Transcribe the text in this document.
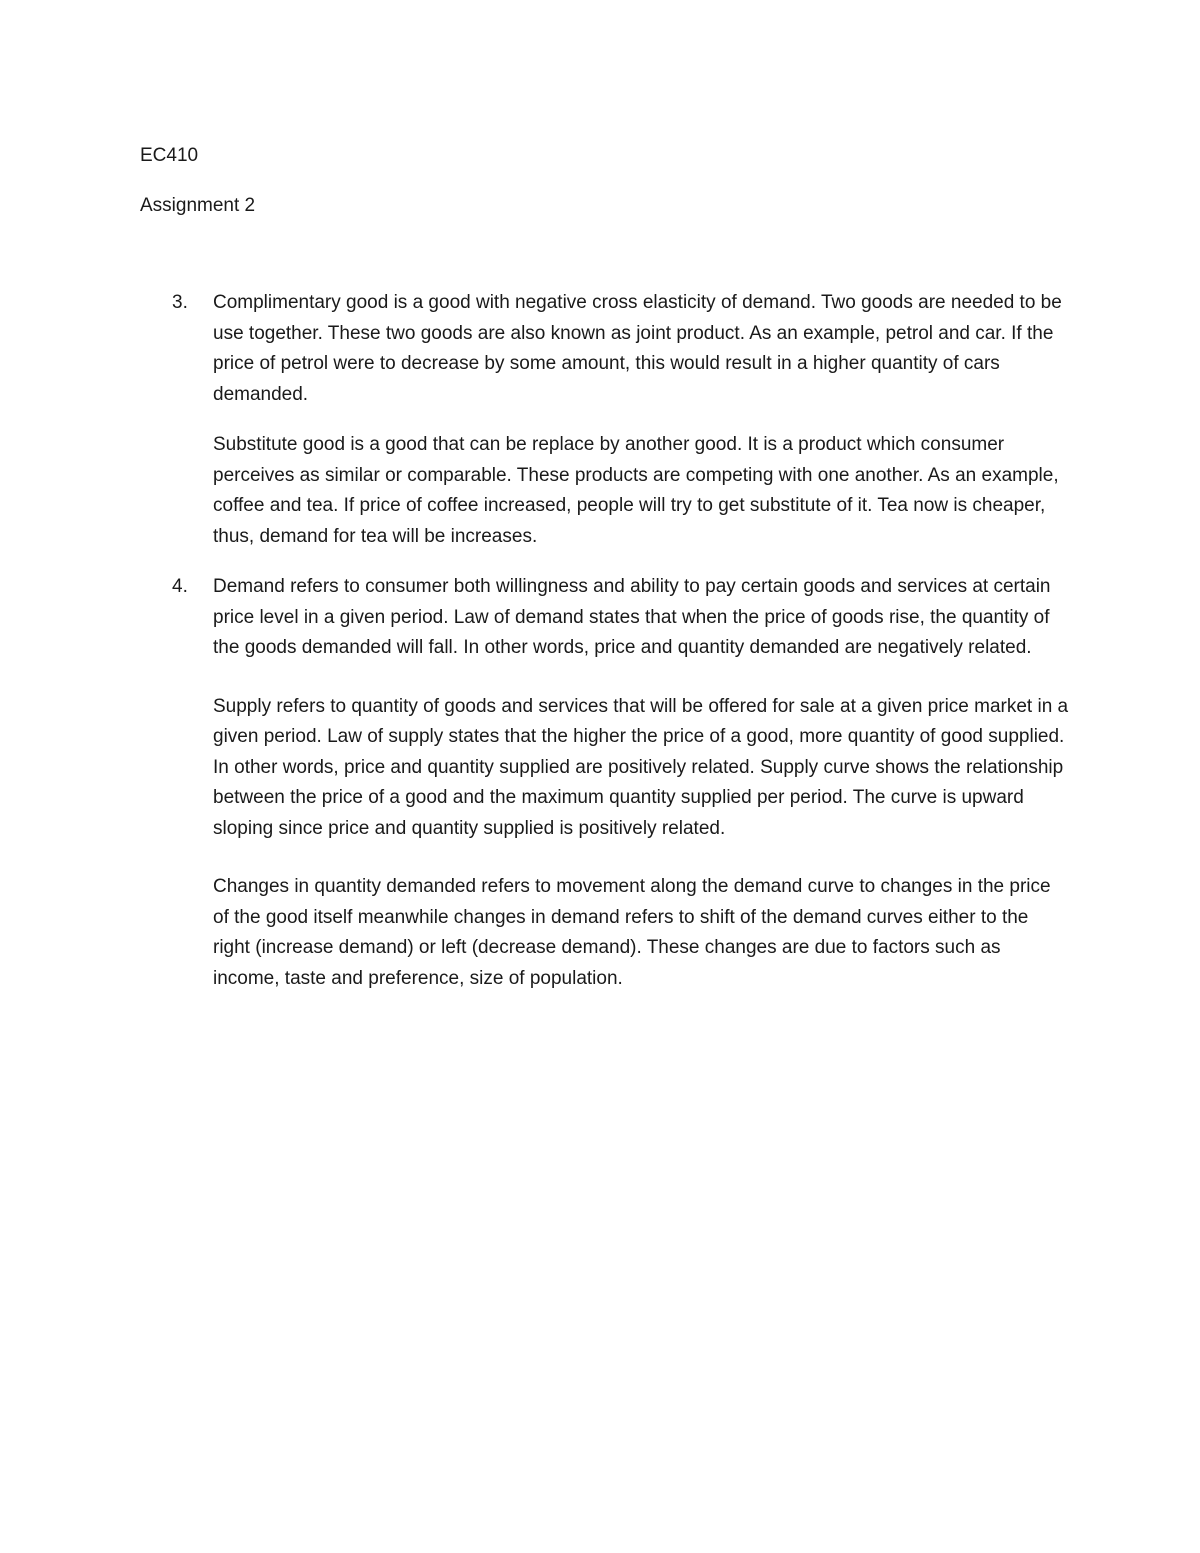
EC410

Assignment 2

3. Complimentary good is a good with negative cross elasticity of demand. Two goods are needed to be use together. These two goods are also known as joint product. As an example, petrol and car. If the price of petrol were to decrease by some amount, this would result in a higher quantity of cars demanded.

Substitute good is a good that can be replace by another good. It is a product which consumer perceives as similar or comparable. These products are competing with one another. As an example, coffee and tea. If price of coffee increased, people will try to get substitute of it. Tea now is cheaper, thus, demand for tea will be increases.

4. Demand refers to consumer both willingness and ability to pay certain goods and services at certain price level in a given period. Law of demand states that when the price of goods rise, the quantity of the goods demanded will fall. In other words, price and quantity demanded are negatively related.

Supply refers to quantity of goods and services that will be offered for sale at a given price market in a given period. Law of supply states that the higher the price of a good, more quantity of good supplied. In other words, price and quantity supplied are positively related. Supply curve shows the relationship between the price of a good and the maximum quantity supplied per period. The curve is upward sloping since price and quantity supplied is positively related.

Changes in quantity demanded refers to movement along the demand curve to changes in the price of the good itself meanwhile changes in demand refers to shift of the demand curves either to the right (increase demand) or left (decrease demand). These changes are due to factors such as income, taste and preference, size of population.
